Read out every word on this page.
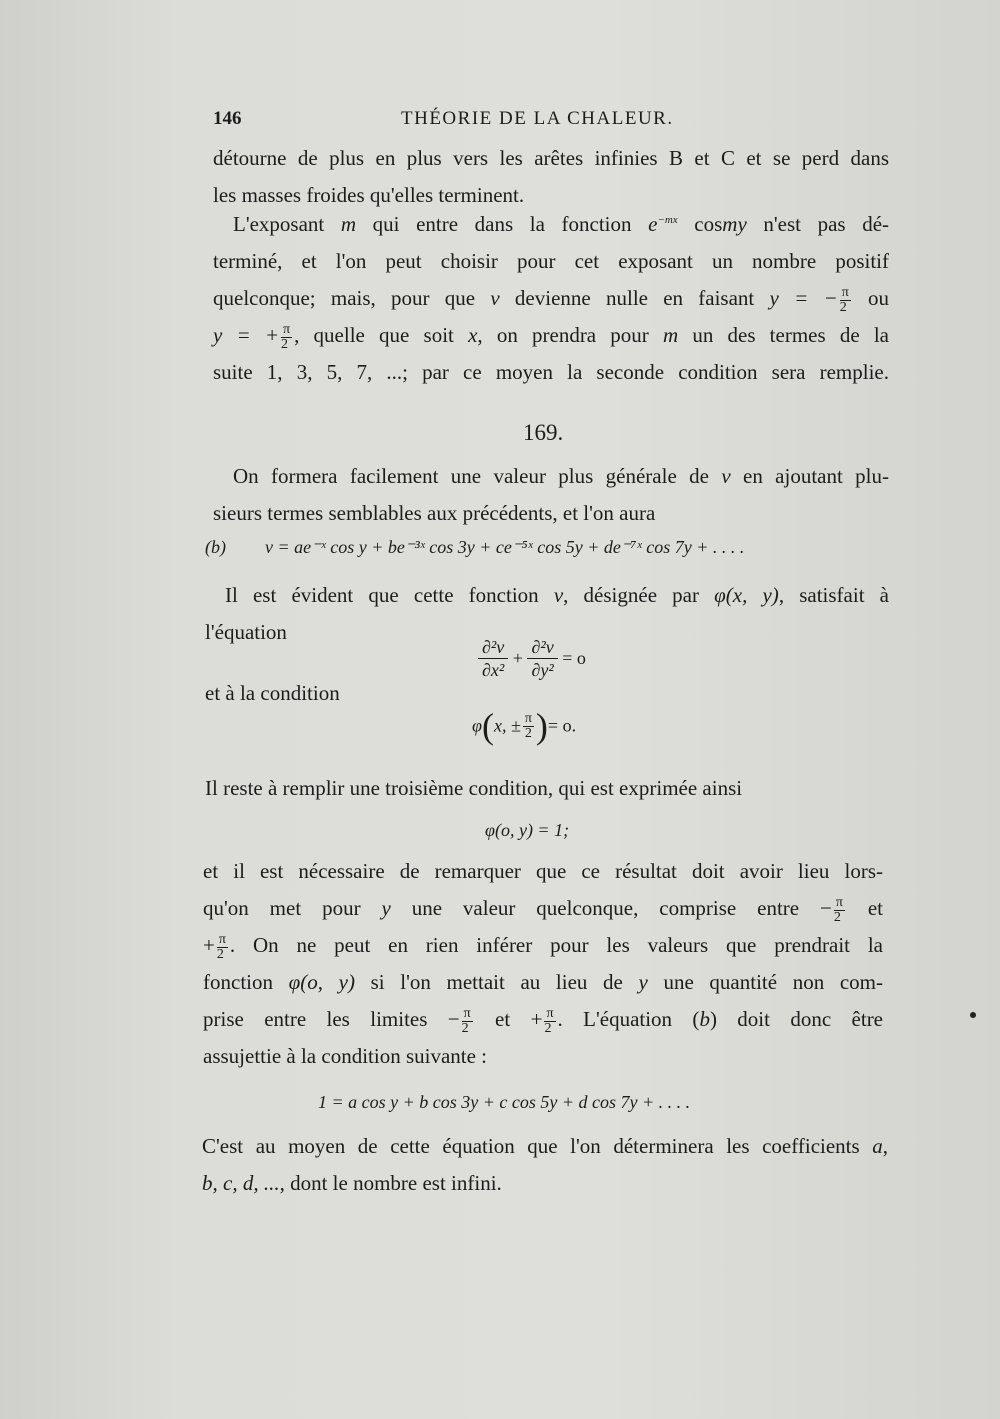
146	THÉORIE DE LA CHALEUR.
détourne de plus en plus vers les arêtes infinies B et C et se perd dans
les masses froides qu'elles terminent.
L'exposant m qui entre dans la fonction $e^{-mx}$ cosmy n'est pas dé-
terminé, et l'on peut choisir pour cet exposant un nombre positif
quelconque; mais, pour que v devienne nulle en faisant y = − $\frac{\pi}{2}$ ou
y = + $\frac{\pi}{2}$ , quelle que soit x, on prendra pour m un des termes de la
suite 1, 3, 5, 7, ...; par ce moyen la seconde condition sera remplie.
169.
On formera facilement une valeur plus générale de v en ajoutant plu-
sieurs termes semblables aux précédents, et l'on aura
(b) v = ae⁻ˣ cos y + be⁻³ˣ cos 3y + ce⁻⁵ˣ cos 5y + de⁻⁷ˣ cos 7y + . . . .
Il est évident que cette fonction v, désignée par φ(x, y), satisfait à
l'équation
$\frac{\text{∂²v}}{\text{∂x²}} + \frac{\text{∂²v}}{\text{∂y²}} = o$
et à la condition
φ(x, ± $\frac{\pi}{2}$ )= o.
Il reste à remplir une troisième condition, qui est exprimée ainsi
φ(o, y) = 1;
et il est nécessaire de remarquer que ce résultat doit avoir lieu lors-
qu'on met pour y une valeur quelconque, comprise entre − $\frac{\pi}{2}$ et
+ $\frac{\pi}{2}$ . On ne peut en rien inférer pour les valeurs que prendrait la
fonction φ(o, y) si l'on mettait au lieu de y une quantité non com-
prise entre les limites − $\frac{\pi}{2}$ et + $\frac{\pi}{2}$ . L'équation (b) doit donc être
assujettie à la condition suivante :
1 = a cos y + b cos 3y + c cos 5y + d cos 7y + . . . .
C'est au moyen de cette équation que l'on déterminera les coefficients a,
b, c, d, ..., dont le nombre est infini.
